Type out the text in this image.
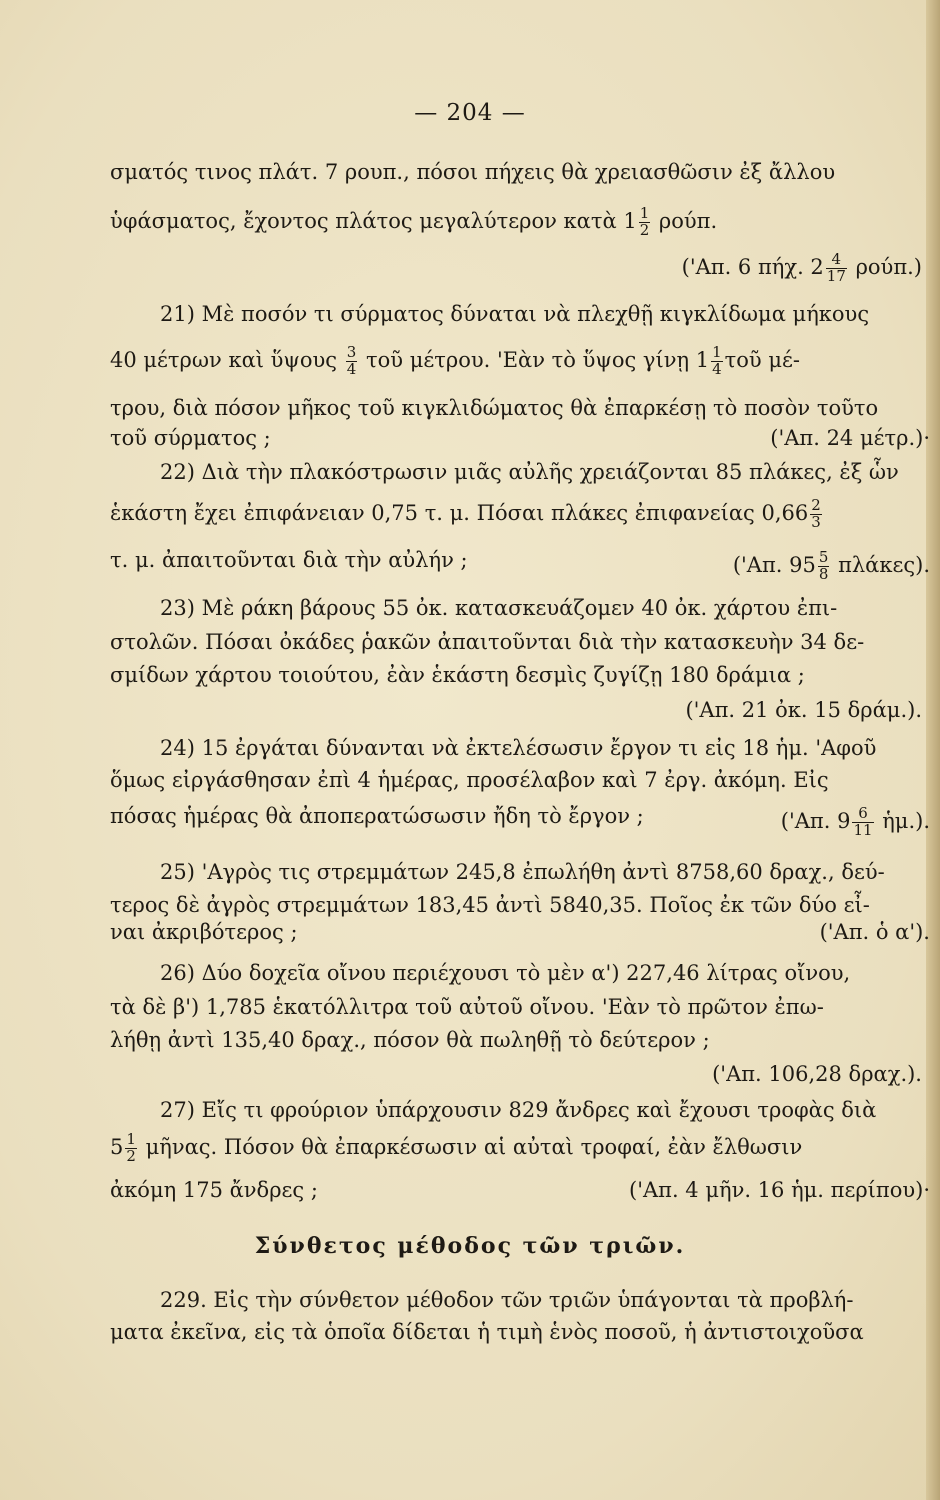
— 204 —
σματός τινος πλάτ. 7 ρουπ., πόσοι πήχεις θὰ χρειασθῶσιν ἐξ ἄλλου
ὑφάσματος, ἔχοντος πλάτος μεγαλύτερον κατὰ $1 \frac{1}{2} \rho oύ\pi$.
('Απ. 6 πήχ. $2 \frac{4}{17} \rho oύ\pi$.)
21) Μὲ ποσόν τι σύρματος δύναται νὰ πλεχθῇ κιγκλίδωμα μήκους
40 μέτρων καὶ ὕψους $\frac{3}{4}$ τοῦ μέτρου. 'Εὰν τὸ ὕψος γίνῃ $1 \frac{1}{4}$ τοῦ μέ-
τρου, διὰ πόσον μῆκος τοῦ κιγκλιδώματος θὰ ἐπαρκέσῃ τὸ ποσὸν τοῦτο
τοῦ σύρματος ;	('Απ. 24 μέτρ.)·
22) Διὰ τὴν πλακόστρωσιν μιᾶς αὐλῆς χρειάζονται 85 πλάκες, ἐξ ὧν
ἑκάστη ἔχει ἐπιφάνειαν 0,75 τ. μ. Πόσαι πλάκες ἐπιφανείας $0,66 \frac{2}{3}$
τ. μ. ἀπαιτοῦνται διὰ τὴν αὐλήν ;	('Απ. $95 \frac{5}{8} \pi\lambda ά\kappa\varepsilon\varsigma$).
23) Μὲ ράκη βάρους 55 ὀκ. κατασκευάζομεν 40 ὀκ. χάρτου ἐπι-
στολῶν. Πόσαι ὀκάδες ῥακῶν ἀπαιτοῦνται διὰ τὴν κατασκευὴν 34 δε-
σμίδων χάρτου τοιούτου, ἐὰν ἑκάστη δεσμὶς ζυγίζῃ 180 δράμια ;
('Απ. 21 ὀκ. 15 δράμ.).
24) 15 ἐργάται δύνανται νὰ ἐκτελέσωσιν ἔργον τι εἰς 18 ἡμ. 'Αφοῦ
ὅμως εἰργάσθησαν ἐπὶ 4 ἡμέρας, προσέλαβον καὶ 7 ἐργ. ἀκόμη. Εἰς
πόσας ἡμέρας θὰ ἀποπερατώσωσιν ἤδη τὸ ἔργον ;	('Απ. $9 \frac{6}{11}$ ἡμ.).
25) 'Αγρὸς τις στρεμμάτων 245,8 ἐπωλήθη ἀντὶ 8758,60 δραχ., δεύ-
τερος δὲ ἀγρὸς στρεμμάτων 183,45 ἀντὶ 5840,35. Ποῖος ἐκ τῶν δύο εἶ-
ναι ἀκριβότερος ;	('Απ. ὁ α').
26) Δύο δοχεῖα οἴνου περιέχουσι τὸ μὲν α') 227,46 λίτρας οἴνου,
τὰ δὲ β') 1,785 ἑκατόλλιτρα τοῦ αὐτοῦ οἴνου. 'Εὰν τὸ πρῶτον ἐπω-
λήθῃ ἀντὶ 135,40 δραχ., πόσον θὰ πωληθῇ τὸ δεύτερον ;
('Απ. 106,28 δραχ.).
27) Εἴς τι φρούριον ὑπάρχουσιν 829 ἄνδρες καὶ ἔχουσι τροφὰς διὰ
$5 \frac{1}{2}$ μῆνας. Πόσον θὰ ἐπαρκέσωσιν αἱ αὐταὶ τροφαί, ἐὰν ἔλθωσιν
ἀκόμη 175 ἄνδρες ;	('Απ. 4 μῆν. 16 ἡμ. περίπου)·
Σύνθετος μέθοδος τῶν τριῶν.
229. Εἰς τὴν σύνθετον μέθοδον τῶν τριῶν ὑπάγονται τὰ προβλή-
ματα ἐκεῖνα, εἰς τὰ ὁποῖα δίδεται ἡ τιμὴ ἑνὸς ποσοῦ, ἡ ἀντιστοιχοῦσα
